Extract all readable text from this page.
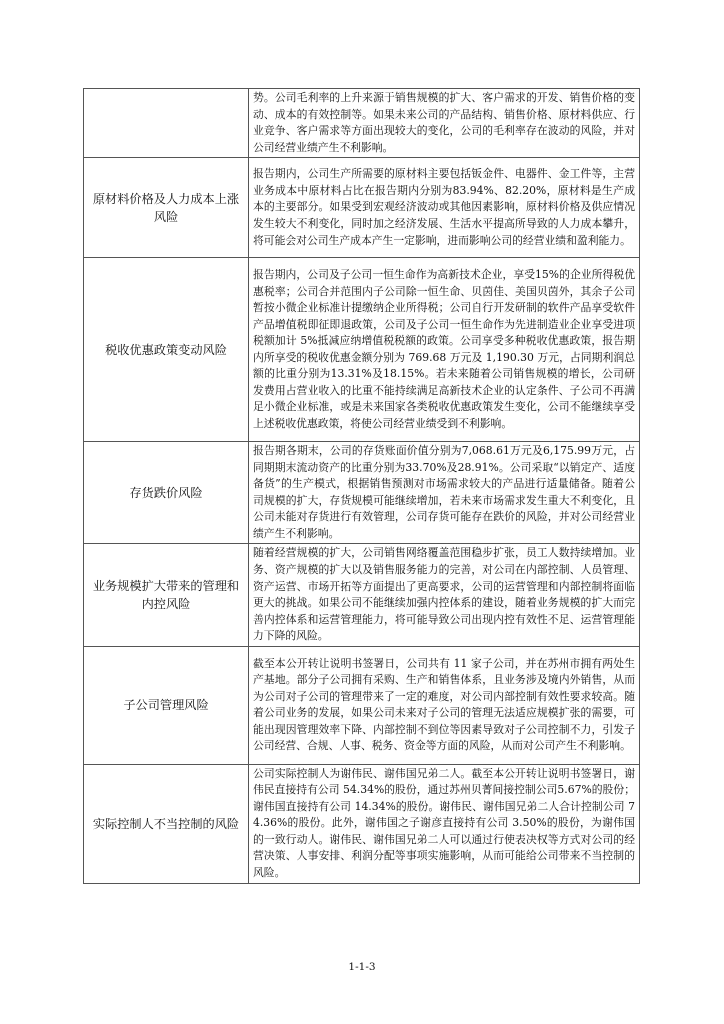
	势。公司毛利率的上升来源于销售规模的扩大、客户需求的开发、销售价格的变动、成本的有效控制等。如果未来公司的产品结构、销售价格、原材料供应、行业竞争、客户需求等方面出现较大的变化，公司的毛利率存在波动的风险，并对公司经营业绩产生不利影响。
原材料价格及人力成本上涨风险	报告期内，公司生产所需要的原材料主要包括钣金件、电器件、金工件等，主营业务成本中原材料占比在报告期内分别为83.94%、82.20%，原材料是生产成本的主要部分。如果受到宏观经济波动或其他因素影响，原材料价格及供应情况发生较大不利变化，同时加之经济发展、生活水平提高所导致的人力成本攀升，将可能会对公司生产成本产生一定影响，进而影响公司的经营业绩和盈利能力。
税收优惠政策变动风险	报告期内，公司及子公司一恒生命作为高新技术企业，享受15%的企业所得税优惠税率；公司合并范围内子公司除一恒生命、贝茵佳、美国贝茵外，其余子公司暂按小微企业标准计提缴纳企业所得税；公司自行开发研制的软件产品享受软件产品增值税即征即退政策，公司及子公司一恒生命作为先进制造业企业享受进项税额加计 5%抵减应纳增值税税额的政策。公司享受多种税收优惠政策，报告期内所享受的税收优惠金额分别为 769.68 万元及 1,190.30 万元，占同期利润总额的比重分别为13.31%及18.15%。若未来随着公司销售规模的增长，公司研发费用占营业收入的比重不能持续满足高新技术企业的认定条件、子公司不再满足小微企业标准，或是未来国家各类税收优惠政策发生变化，公司不能继续享受上述税收优惠政策，将使公司经营业绩受到不利影响。
存货跌价风险	报告期各期末，公司的存货账面价值分别为7,068.61万元及6,175.99万元，占同期期末流动资产的比重分别为33.70%及28.91%。公司采取“以销定产、适度备货”的生产模式，根据销售预测对市场需求较大的产品进行适量储备。随着公司规模的扩大，存货规模可能继续增加，若未来市场需求发生重大不利变化，且公司未能对存货进行有效管理，公司存货可能存在跌价的风险，并对公司经营业绩产生不利影响。
业务规模扩大带来的管理和内控风险	随着经营规模的扩大，公司销售网络覆盖范围稳步扩张，员工人数持续增加。业务、资产规模的扩大以及销售服务能力的完善，对公司在内部控制、人员管理、资产运营、市场开拓等方面提出了更高要求，公司的运营管理和内部控制将面临更大的挑战。如果公司不能继续加强内控体系的建设，随着业务规模的扩大而完善内控体系和运营管理能力，将可能导致公司出现内控有效性不足、运营管理能力下降的风险。
子公司管理风险	截至本公开转让说明书签署日，公司共有 11 家子公司，并在苏州市拥有两处生产基地。部分子公司拥有采购、生产和销售体系，且业务涉及境内外销售，从而为公司对子公司的管理带来了一定的难度，对公司内部控制有效性要求较高。随着公司业务的发展，如果公司未来对子公司的管理无法适应规模扩张的需要，可能出现因管理效率下降、内部控制不到位等因素导致对子公司控制不力，引发子公司经营、合规、人事、税务、资金等方面的风险，从而对公司产生不利影响。
实际控制人不当控制的风险	公司实际控制人为谢伟民、谢伟国兄弟二人。截至本公开转让说明书签署日，谢伟民直接持有公司 54.34%的股份，通过苏州贝菁间接控制公司5.67%的股份；谢伟国直接持有公司 14.34%的股份。谢伟民、谢伟国兄弟二人合计控制公司 74.36%的股份。此外，谢伟国之子谢彦直接持有公司 3.50%的股份，为谢伟国的一致行动人。谢伟民、谢伟国兄弟二人可以通过行使表决权等方式对公司的经营决策、人事安排、利润分配等事项实施影响，从而可能给公司带来不当控制的风险。
1-1-3
